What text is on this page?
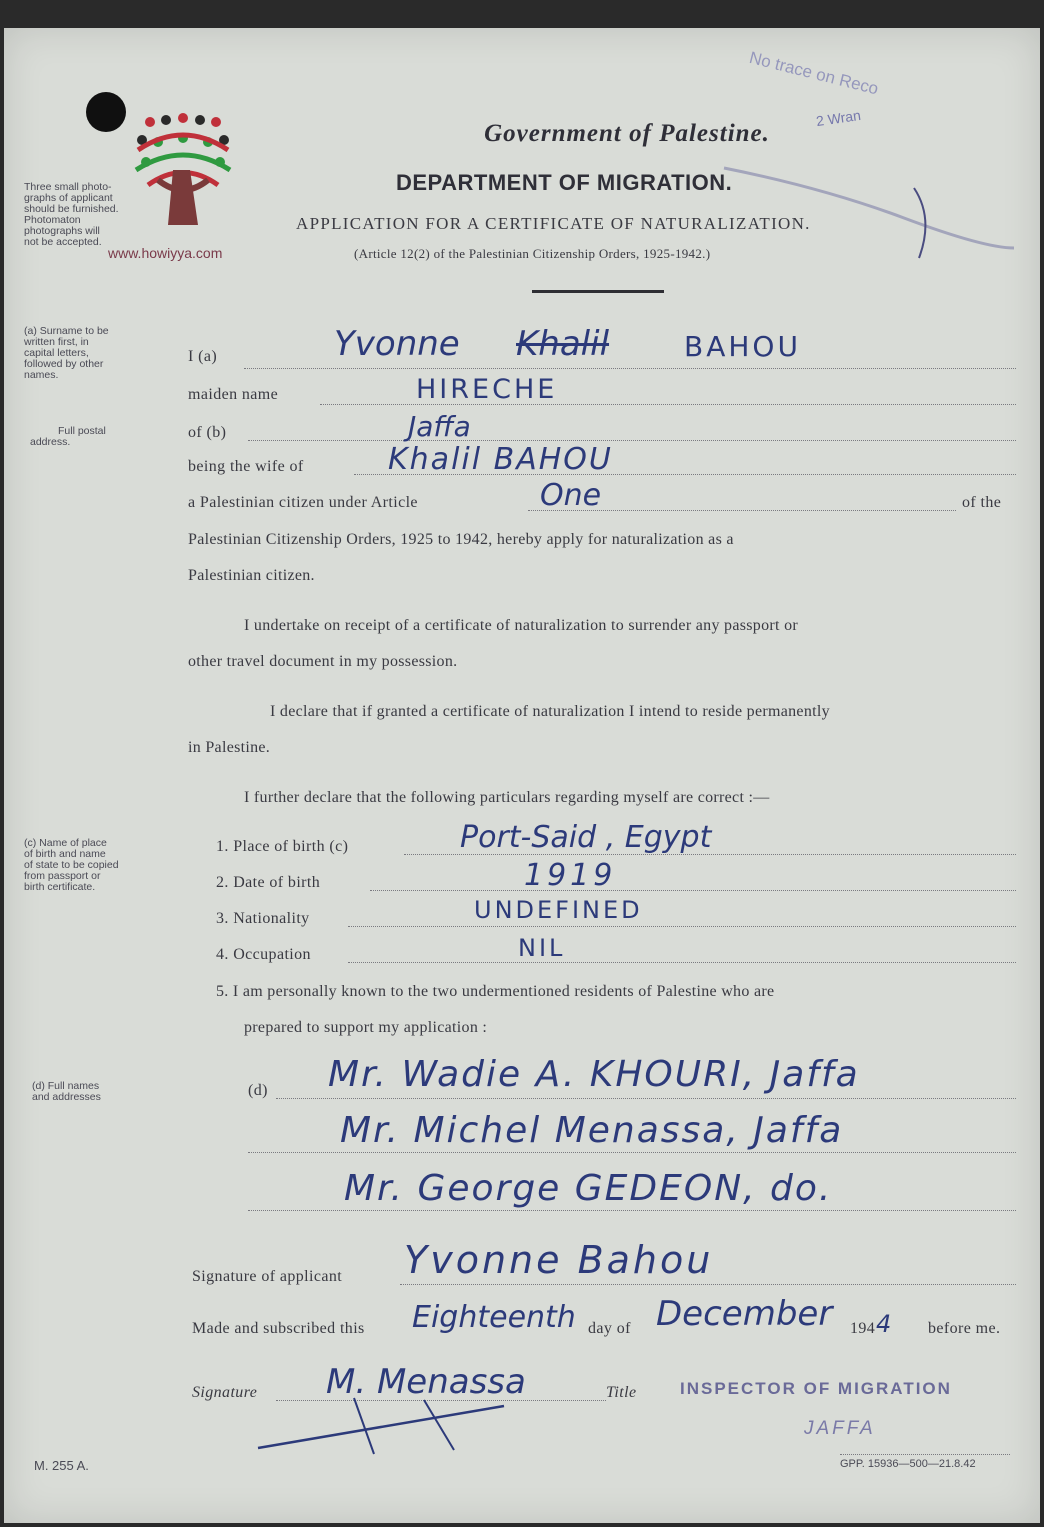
www.howiyya.com
No trace on Reco
2 Wran
Government of Palestine.
DEPARTMENT OF MIGRATION.
APPLICATION FOR A CERTIFICATE OF NATURALIZATION.
(Article 12(2) of the Palestinian Citizenship Orders, 1925-1942.)
Three small photo-
graphs of applicant
should be furnished.
Photomaton
photographs will
not be accepted.
(a) Surname to be
written first, in
capital letters,
followed by other
names.
Full postal
address.
(c) Name of place
of birth and name
of state to be copied
from passport or
birth certificate.
(d) Full names
and addresses
I (a)	Yvonne Khalil	BAHOU
maiden name	HIRECHE
of (b)	Jaffa
being the wife of	Khalil BAHOU
a Palestinian citizen under Article	One	of the
Palestinian Citizenship Orders, 1925 to 1942, hereby apply for naturalization as a
Palestinian citizen.
I undertake on receipt of a certificate of naturalization to surrender any passport or
other travel document in my possession.
I declare that if granted a certificate of naturalization I intend to reside permanently
in Palestine.
I further declare that the following particulars regarding myself are correct :—
1. Place of birth (c)	Port-Said , Egypt
2. Date of birth	1919
3. Nationality	UNDEFINED
4. Occupation	NIL
5. I am personally known to the two undermentioned residents of Palestine who are
prepared to support my application :
(d) Mr. Wadie A. KHOURI, Jaffa
Mr. Michel Menassa, Jaffa
Mr. George GEDEON, do.
Signature of applicant Yvonne Bahou
Made and subscribed this Eighteenth day of December 194 4 before me.
Signature M. Menassa	Title	INSPECTOR OF MIGRATION
JAFFA
M. 255 A.	GPP. 15936—500—21.8.42
